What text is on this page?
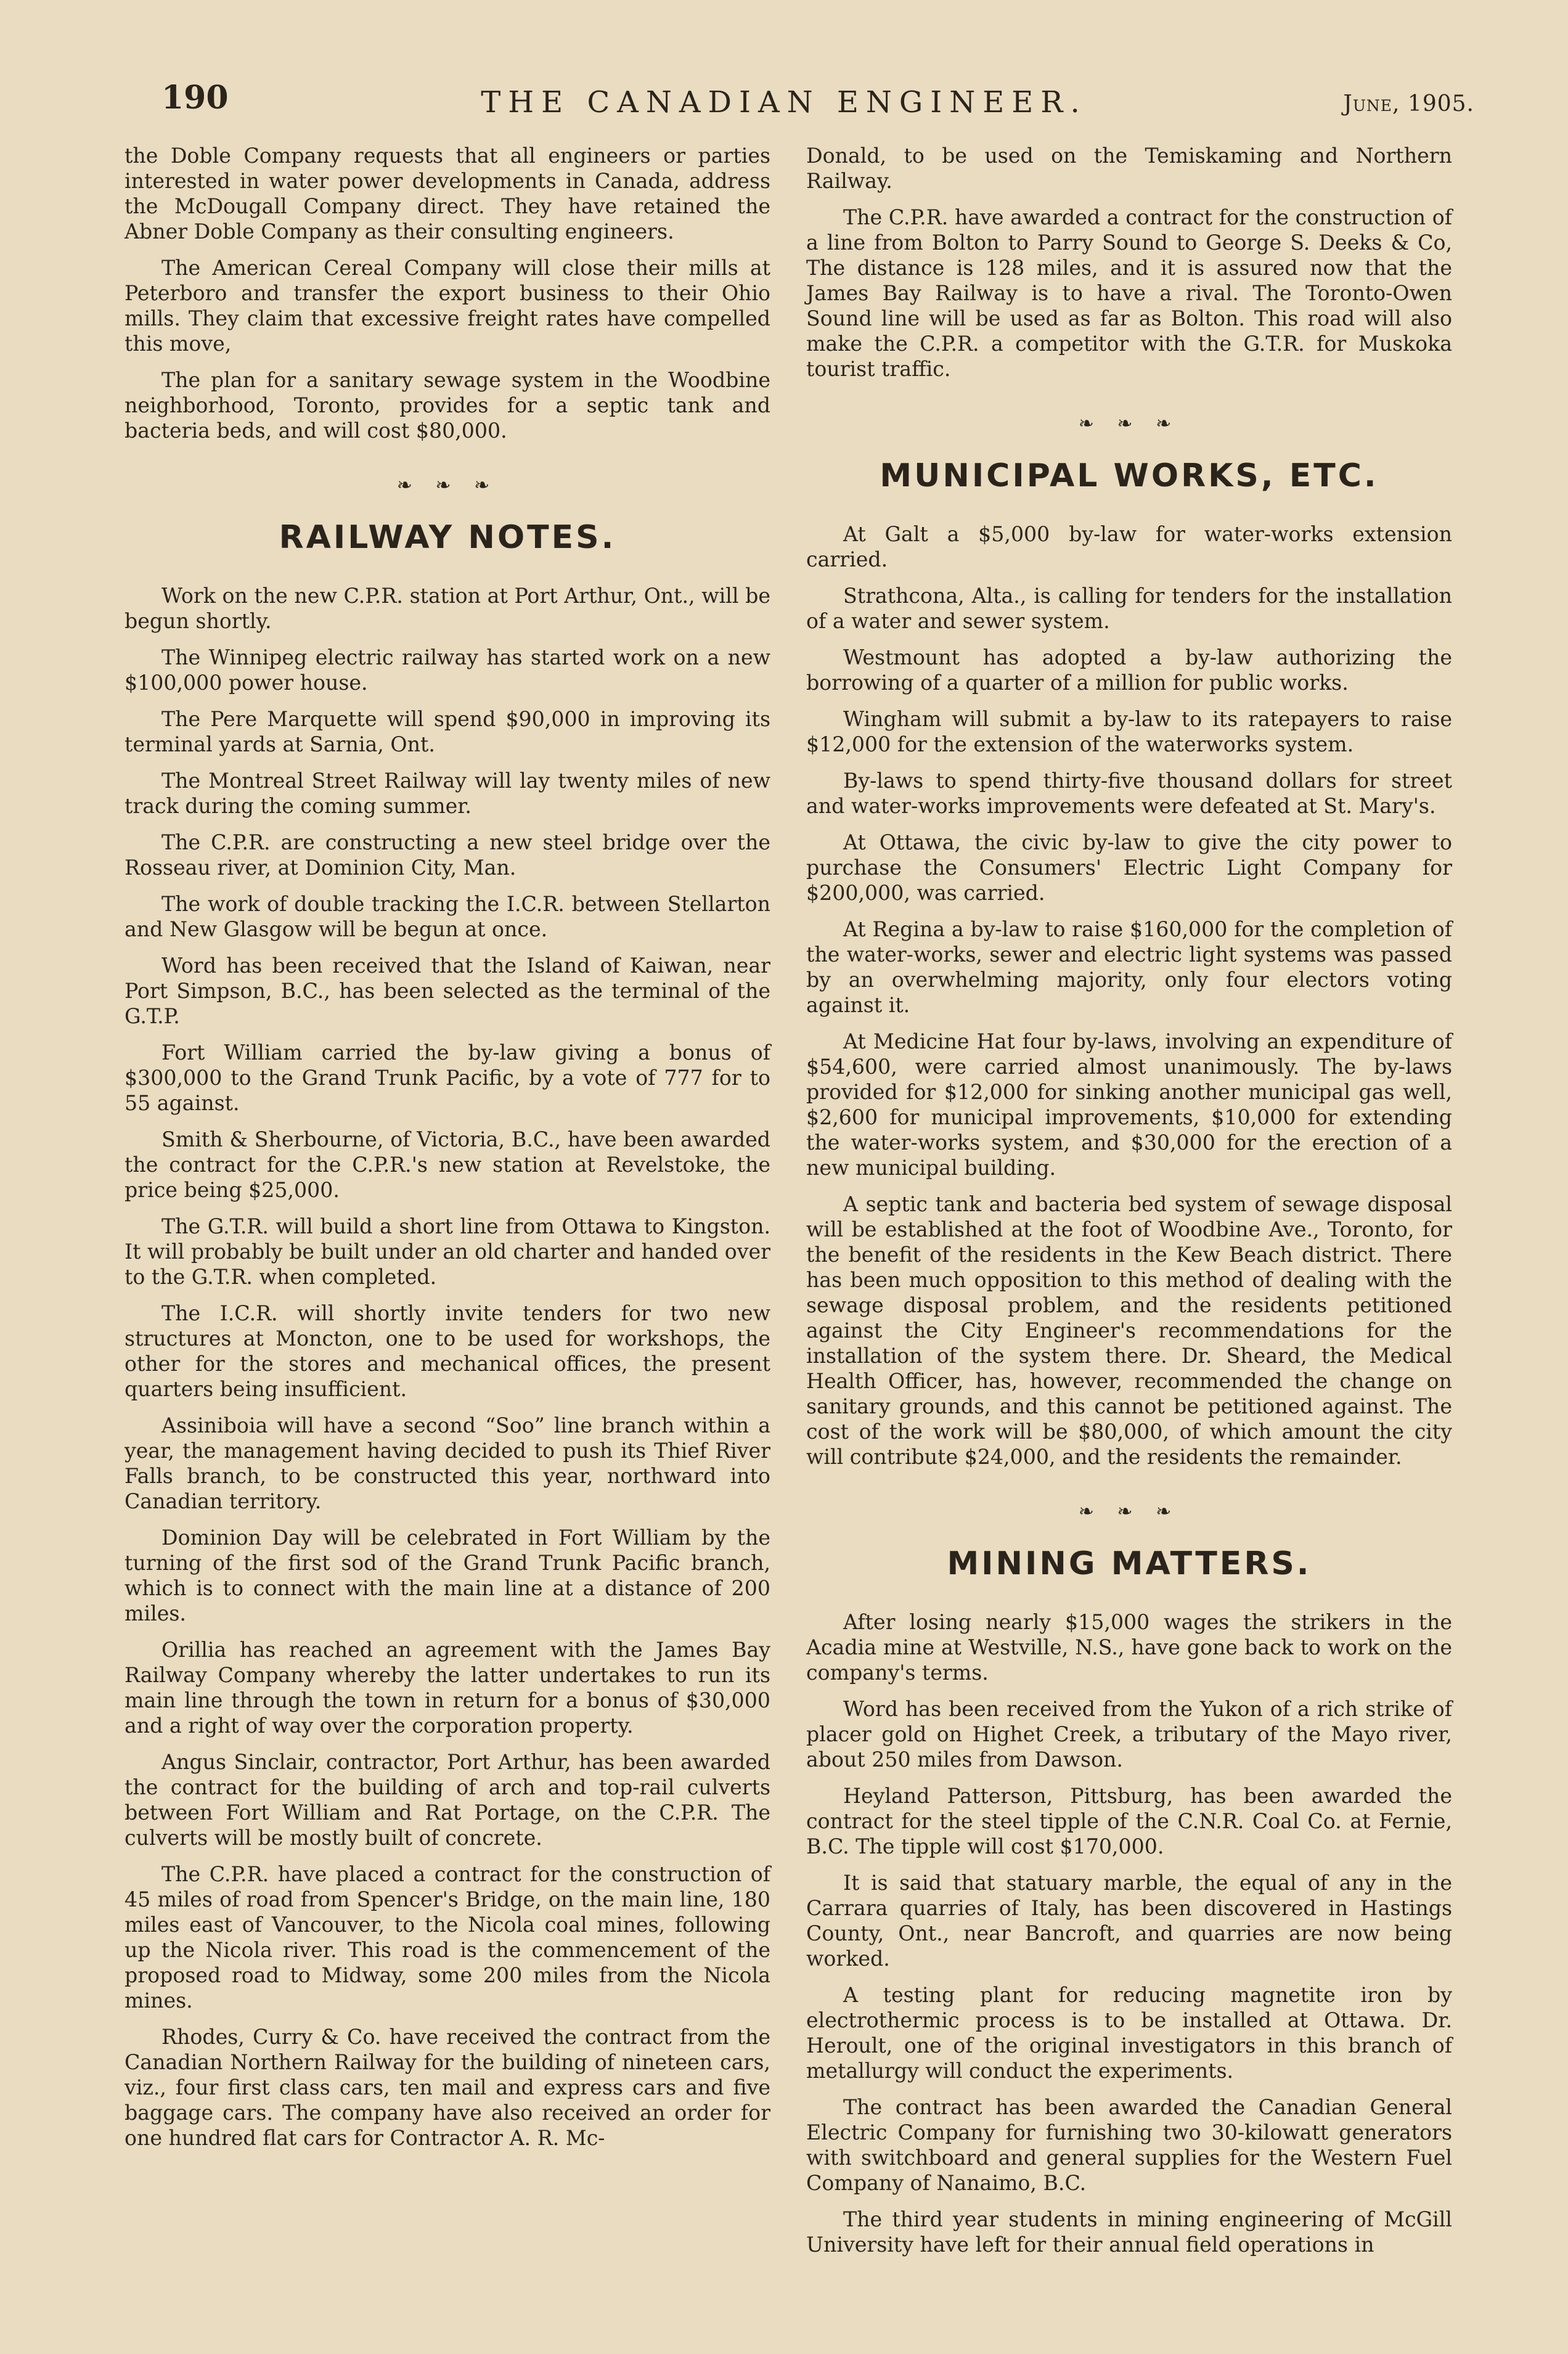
190	THE CANADIAN ENGINEER.	June, 1905.

the Doble Company requests that all engineers or parties interested in water power developments in Canada, address the McDougall Company direct. They have retained the Abner Doble Company as their consulting engineers.

The American Cereal Company will close their mills at Peterboro and transfer the export business to their Ohio mills. They claim that excessive freight rates have compelled this move,

The plan for a sanitary sewage system in the Woodbine neighborhood, Toronto, provides for a septic tank and bacteria beds, and will cost $80,000.

❧ ❧ ❧
RAILWAY NOTES.

Work on the new C.P.R. station at Port Arthur, Ont., will be begun shortly.

The Winnipeg electric railway has started work on a new $100,000 power house.

The Pere Marquette will spend $90,000 in improving its terminal yards at Sarnia, Ont.

The Montreal Street Railway will lay twenty miles of new track during the coming summer.

The C.P.R. are constructing a new steel bridge over the Rosseau river, at Dominion City, Man.

The work of double tracking the I.C.R. between Stellarton and New Glasgow will be begun at once.

Word has been received that the Island of Kaiwan, near Port Simpson, B.C., has been selected as the terminal of the G.T.P.

Fort William carried the by-law giving a bonus of $300,000 to the Grand Trunk Pacific, by a vote of 777 for to 55 against.

Smith & Sherbourne, of Victoria, B.C., have been awarded the contract for the C.P.R.'s new station at Revelstoke, the price being $25,000.

The G.T.R. will build a short line from Ottawa to Kingston. It will probably be built under an old charter and handed over to the G.T.R. when completed.

The I.C.R. will shortly invite tenders for two new structures at Moncton, one to be used for workshops, the other for the stores and mechanical offices, the present quarters being insufficient.

Assiniboia will have a second “Soo” line branch within a year, the management having decided to push its Thief River Falls branch, to be constructed this year, northward into Canadian territory.

Dominion Day will be celebrated in Fort William by the turning of the first sod of the Grand Trunk Pacific branch, which is to connect with the main line at a distance of 200 miles.

Orillia has reached an agreement with the James Bay Railway Company whereby the latter undertakes to run its main line through the town in return for a bonus of $30,000 and a right of way over the corporation property.

Angus Sinclair, contractor, Port Arthur, has been awarded the contract for the building of arch and top-rail culverts between Fort William and Rat Portage, on the C.P.R. The culverts will be mostly built of concrete.

The C.P.R. have placed a contract for the construction of 45 miles of road from Spencer's Bridge, on the main line, 180 miles east of Vancouver, to the Nicola coal mines, following up the Nicola river. This road is the commencement of the proposed road to Midway, some 200 miles from the Nicola mines.

Rhodes, Curry & Co. have received the contract from the Canadian Northern Railway for the building of nineteen cars, viz., four first class cars, ten mail and express cars and five baggage cars. The company have also received an order for one hundred flat cars for Contractor A. R. Mc-

Donald, to be used on the Temiskaming and Northern Railway.

The C.P.R. have awarded a contract for the construction of a line from Bolton to Parry Sound to George S. Deeks & Co, The distance is 128 miles, and it is assured now that the James Bay Railway is to have a rival. The Toronto-Owen Sound line will be used as far as Bolton. This road will also make the C.P.R. a competitor with the G.T.R. for Muskoka tourist traffic.

❧ ❧ ❧
MUNICIPAL WORKS, ETC.

At Galt a $5,000 by-law for water-works extension carried.

Strathcona, Alta., is calling for tenders for the installation of a water and sewer system.

Westmount has adopted a by-law authorizing the borrowing of a quarter of a million for public works.

Wingham will submit a by-law to its ratepayers to raise $12,000 for the extension of the waterworks system.

By-laws to spend thirty-five thousand dollars for street and water-works improvements were defeated at St. Mary's.

At Ottawa, the civic by-law to give the city power to purchase the Consumers' Electric Light Company for $200,000, was carried.

At Regina a by-law to raise $160,000 for the completion of the water-works, sewer and electric light systems was passed by an overwhelming majority, only four electors voting against it.

At Medicine Hat four by-laws, involving an expenditure of $54,600, were carried almost unanimously. The by-laws provided for $12,000 for sinking another municipal gas well, $2,600 for municipal improvements, $10,000 for extending the water-works system, and $30,000 for the erection of a new municipal building.

A septic tank and bacteria bed system of sewage disposal will be established at the foot of Woodbine Ave., Toronto, for the benefit of the residents in the Kew Beach district. There has been much opposition to this method of dealing with the sewage disposal problem, and the residents petitioned against the City Engineer's recommendations for the installation of the system there. Dr. Sheard, the Medical Health Officer, has, however, recommended the change on sanitary grounds, and this cannot be petitioned against. The cost of the work will be $80,000, of which amount the city will contribute $24,000, and the residents the remainder.

❧ ❧ ❧
MINING MATTERS.

After losing nearly $15,000 wages the strikers in the Acadia mine at Westville, N.S., have gone back to work on the company's terms.

Word has been received from the Yukon of a rich strike of placer gold on Highet Creek, a tributary of the Mayo river, about 250 miles from Dawson.

Heyland Patterson, Pittsburg, has been awarded the contract for the steel tipple of the C.N.R. Coal Co. at Fernie, B.C. The tipple will cost $170,000.

It is said that statuary marble, the equal of any in the Carrara quarries of Italy, has been discovered in Hastings County, Ont., near Bancroft, and quarries are now being worked.

A testing plant for reducing magnetite iron by electrothermic process is to be installed at Ottawa. Dr. Heroult, one of the original investigators in this branch of metallurgy will conduct the experiments.

The contract has been awarded the Canadian General Electric Company for furnishing two 30-kilowatt generators with switchboard and general supplies for the Western Fuel Company of Nanaimo, B.C.

The third year students in mining engineering of McGill University have left for their annual field operations in
